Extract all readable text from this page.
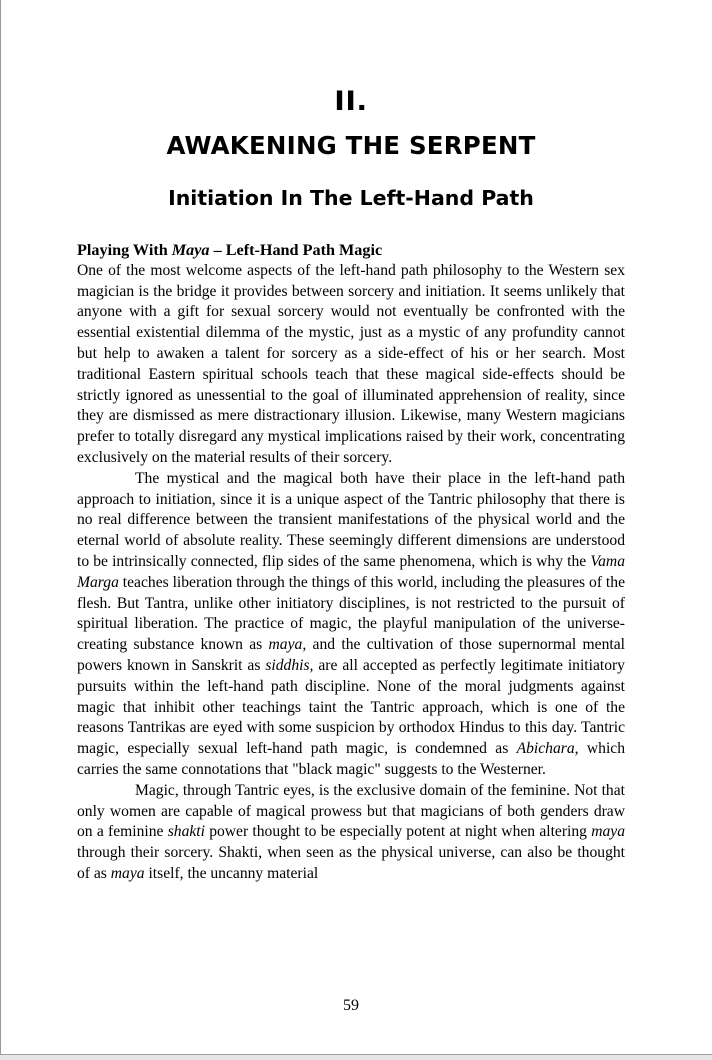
II.
AWAKENING THE SERPENT
Initiation In The Left-Hand Path

Playing With Maya – Left-Hand Path Magic

One of the most welcome aspects of the left-hand path philosophy to the Western sex magician is the bridge it provides between sorcery and initiation. It seems unlikely that anyone with a gift for sexual sorcery would not eventually be confronted with the essential existential dilemma of the mystic, just as a mystic of any profundity cannot but help to awaken a talent for sorcery as a side-effect of his or her search. Most traditional Eastern spiritual schools teach that these magical side-effects should be strictly ignored as unessential to the goal of illuminated apprehension of reality, since they are dismissed as mere distractionary illusion. Likewise, many Western magicians prefer to totally disregard any mystical implications raised by their work, concentrating exclusively on the material results of their sorcery.

The mystical and the magical both have their place in the left-hand path approach to initiation, since it is a unique aspect of the Tantric philosophy that there is no real difference between the transient manifestations of the physical world and the eternal world of absolute reality. These seemingly different dimensions are understood to be intrinsically connected, flip sides of the same phenomena, which is why the Vama Marga teaches liberation through the things of this world, including the pleasures of the flesh. But Tantra, unlike other initiatory disciplines, is not restricted to the pursuit of spiritual liberation. The practice of magic, the playful manipulation of the universe-creating substance known as maya, and the cultivation of those supernormal mental powers known in Sanskrit as siddhis, are all accepted as perfectly legitimate initiatory pursuits within the left-hand path discipline. None of the moral judgments against magic that inhibit other teachings taint the Tantric approach, which is one of the reasons Tantrikas are eyed with some suspicion by orthodox Hindus to this day. Tantric magic, especially sexual left-hand path magic, is condemned as Abichara, which carries the same connotations that "black magic" suggests to the Westerner.

Magic, through Tantric eyes, is the exclusive domain of the feminine. Not that only women are capable of magical prowess but that magicians of both genders draw on a feminine shakti power thought to be especially potent at night when altering maya through their sorcery. Shakti, when seen as the physical universe, can also be thought of as maya itself, the uncanny material

59
